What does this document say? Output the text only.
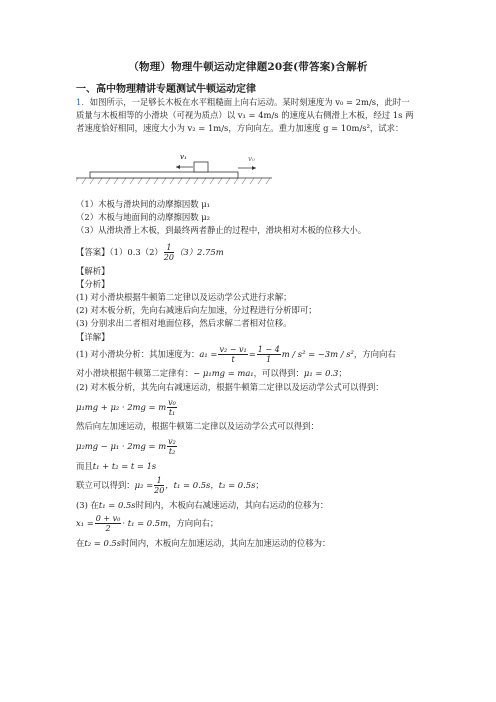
（物理）物理牛顿运动定律题20套(带答案)含解析
一、高中物理精讲专题测试牛顿运动定律
1．如图所示，一足够长木板在水平粗糙面上向右运动。某时刻速度为 v₀ = 2m/s，此时一
质量与木板相等的小滑块（可视为质点）以 v₁ = 4m/s 的速度从右侧滑上木板，经过 1s 两
者速度恰好相同，速度大小为 v₂ = 1m/s，方向向左。重力加速度 g = 10m/s²，试求：
v₁	v₀
（1）木板与滑块间的动摩擦因数 μ₁
（2）木板与地面间的动摩擦因数 μ₂
（3）从滑块滑上木板，到最终两者静止的过程中，滑块相对木板的位移大小。
【答案】$(1)0.3(2) \frac{1}{20} (3)2.75m$
【解析】
【分析】
(1) 对小滑块根据牛顿第二定律以及运动学公式进行求解；
(2) 对木板分析，先向右减速后向左加速，分过程进行分析即可；
(3) 分别求出二者相对地面位移，然后求解二者相对位移。
【详解】
(1) 对小滑块分析：其加速度为：$a_1 = \frac{\text{v₂ − v₁}}{t} = \frac{1 - 4}{1}$ m / s² = −3m / s²，方向向右
对小滑块根据牛顿第二定律有：− μ₁mg = ma₁，可以得到：μ₁ = 0.3；
(2) 对木板分析，其先向右减速运动，根据牛顿第二定律以及运动学公式可以得到：
μ₁mg + μ₂ · 2mg = m $\frac{\text{v₀}}{\text{t₁}}$
然后向左加速运动，根据牛顿第二定律以及运动学公式可以得到：
μ₂mg − μ₁ · 2mg = m $\frac{\text{v₂}}{\text{t₂}}$
而且t₁ + t₂ = t = 1s
联立可以得到：$\mu_2 = \frac{1}{20}$ ，t₁ = 0.5s，t₂ = 0.5s；
(3) 在t₁ = 0.5s时间内，木板向右减速运动，其向右运动的位移为：
$x_1 = \frac{\text{0 + v₀}}{2} \cdot t_1 = 0.5m$，方向向右；
在t₂ = 0.5s时间内，木板向左加速运动，其向左加速运动的位移为：
